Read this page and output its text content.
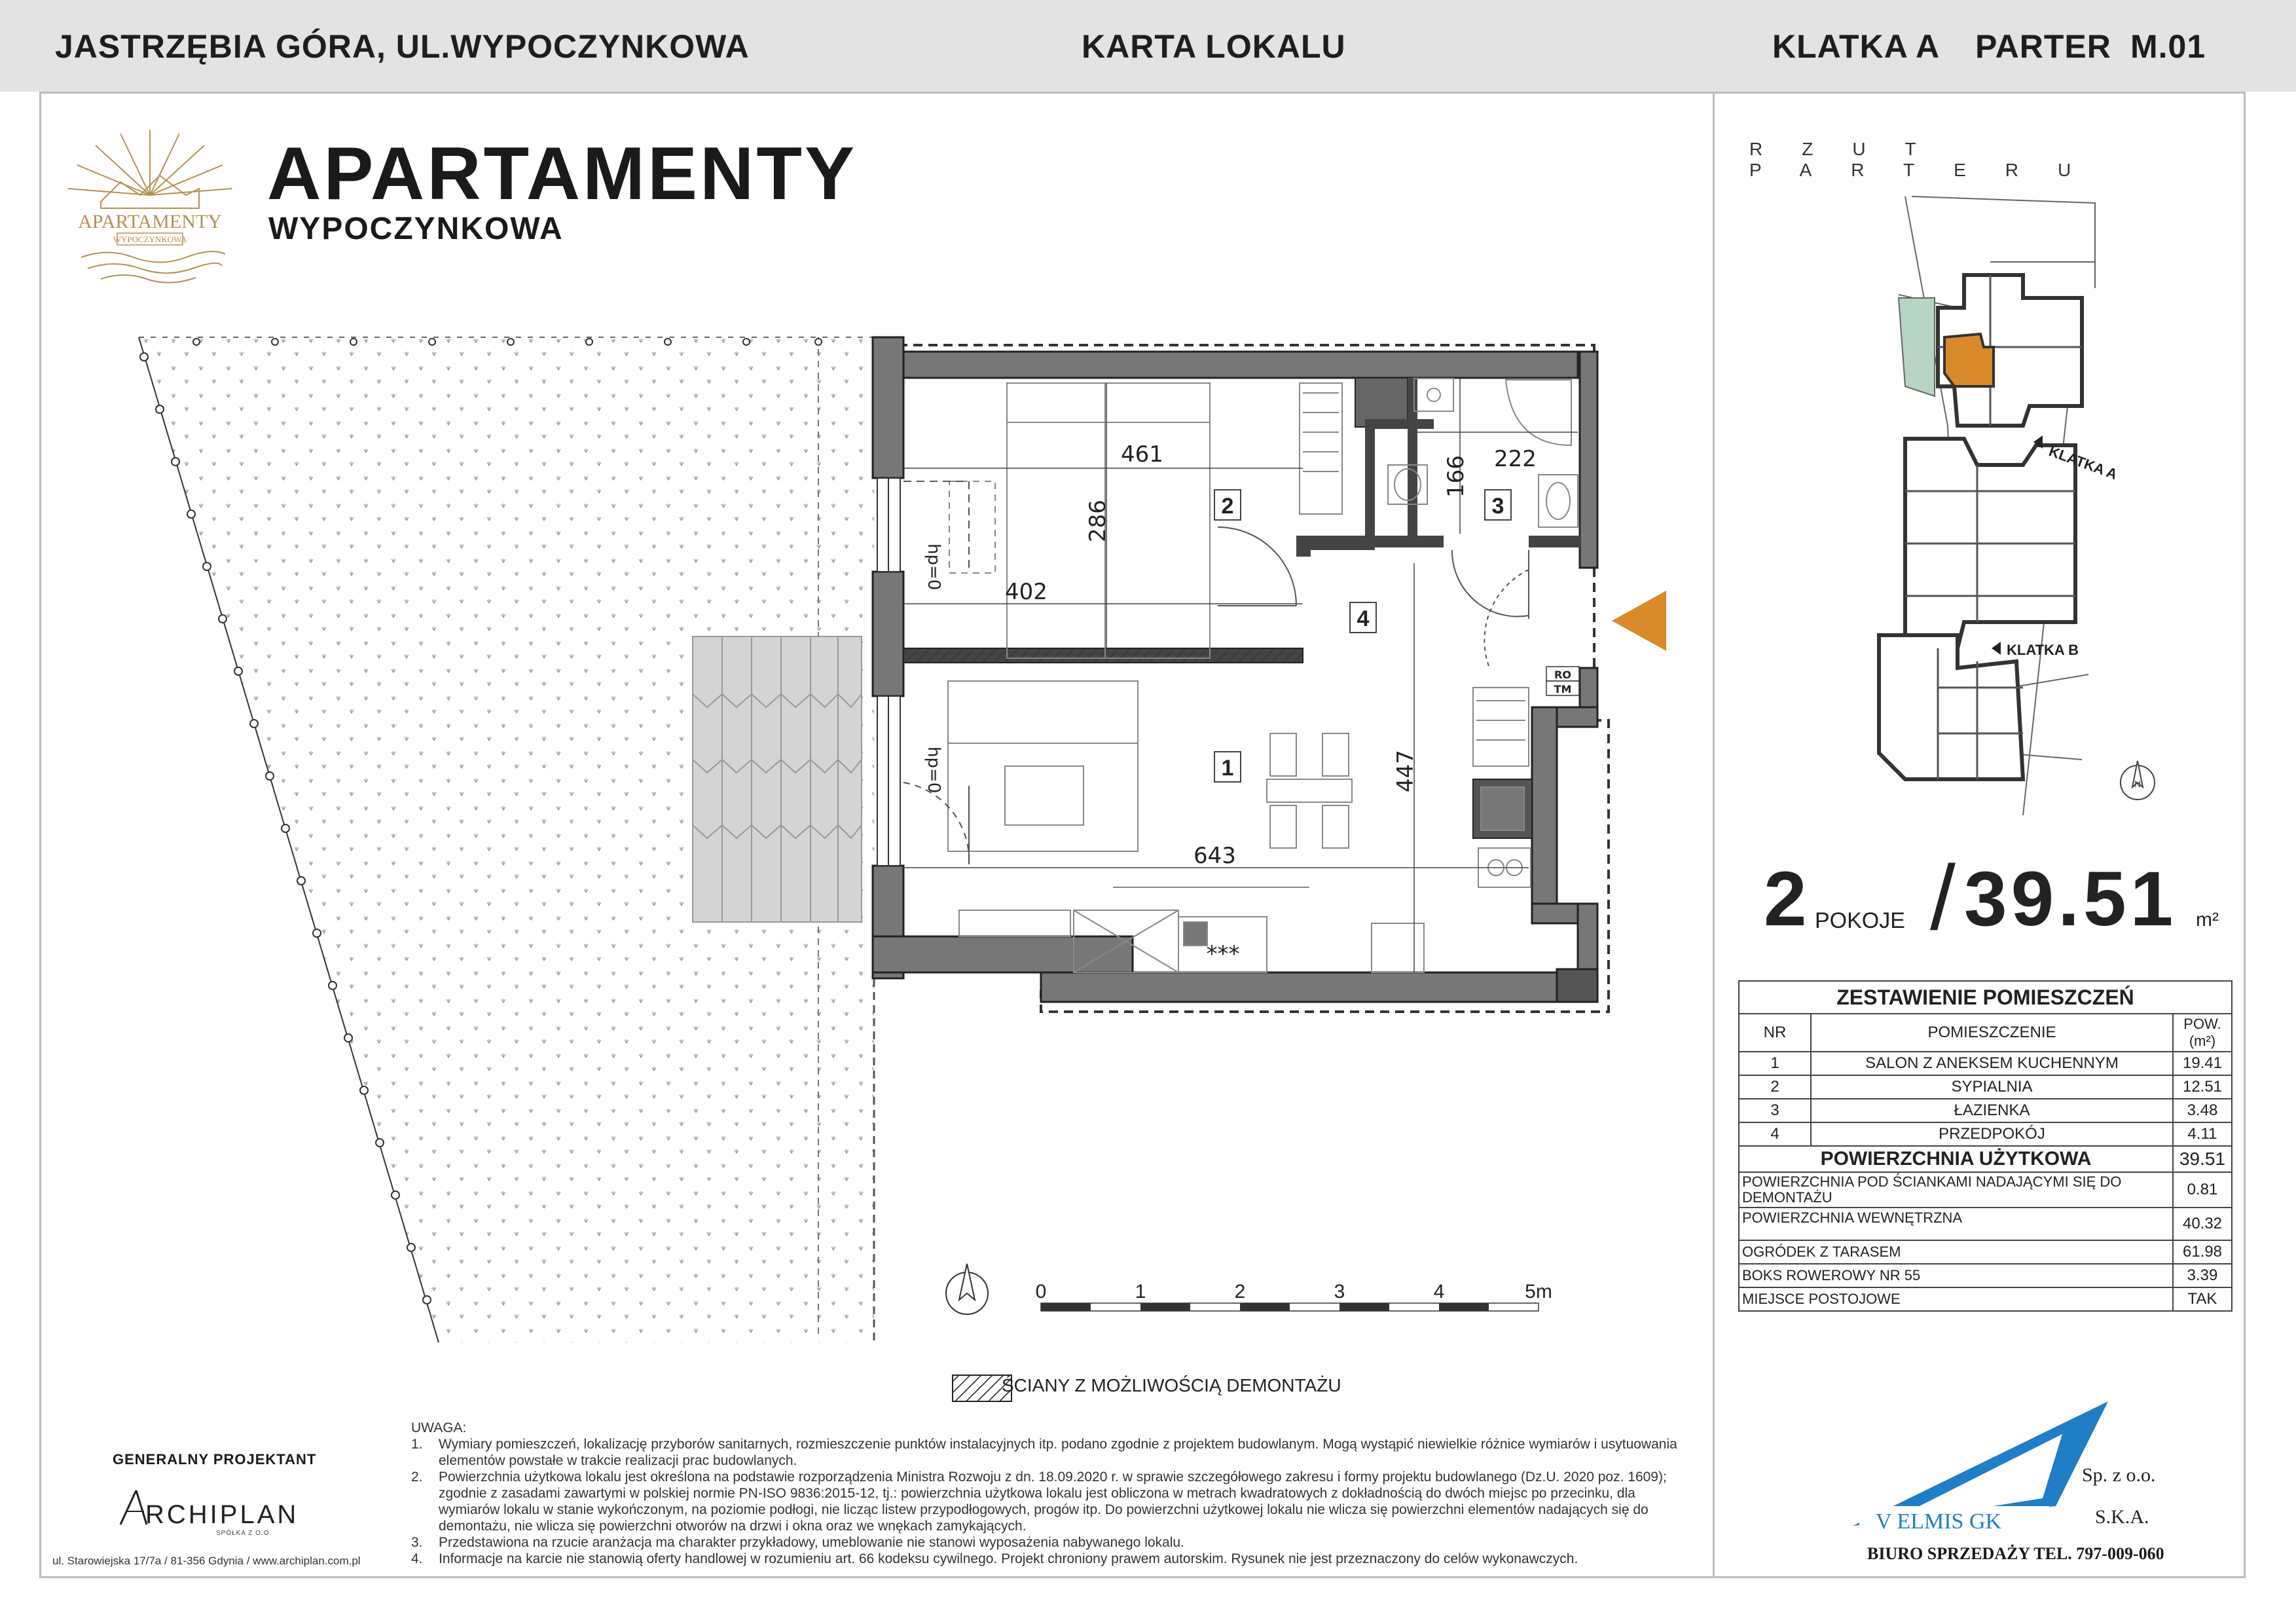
JASTRZĘBIA GÓRA, UL.WYPOCZYNKOWA	KARTA LOKALU	KLATKA A PARTER M.01
APARTAMENTY
WYPOCZYNKOWA
APARTAMENTY
WYPOCZYNKOWA
461
286
402
166 222
447
643
2
1
3
4
hp=0
hp=0
RO
TM
***
0	1	2	3	4	5m
ŚCIANY Z MOŻLIWOŚCIĄ DEMONTAŻU
RZUT PARTERU
KLATKA A
KLATKA B
N
2 POKOJE / 39.51 m²
ZESTAWIENIE POMIESZCZEŃ		
NR	POMIESZCZENIE	POW. (m²)
1	SALON Z ANEKSEM KUCHENNYM	19.41
2	SYPIALNIA	12.51
3	ŁAZIENKA	3.48
4	PRZEDPOKÓJ	4.11
POWIERZCHNIA UŻYTKOWA		39.51
POWIERZCHNIA POD ŚCIANKAMI NADAJĄCYMI SIĘ DO DEMONTAŻU		0.81
POWIERZCHNIA WEWNĘTRZNA		40.32
OGRÓDEK Z TARASEM		61.98
BOKS ROWEROWY NR 55		3.39
MIEJSCE POSTOJOWE		TAK

UWAGA:

1.	Wymiary pomieszczeń, lokalizację przyborów sanitarnych, rozmieszczenie punktów instalacyjnych itp. podano zgodnie z projektem budowlanym. Mogą wystąpić niewielkie różnice wymiarów i usytuowania elementów powstałe w trakcie realizacji prac budowlanych.
2.	Powierzchnia użytkowa lokalu jest określona na podstawie rozporządzenia Ministra Rozwoju z dn. 18.09.2020 r. w sprawie szczegółowego zakresu i formy projektu budowlanego (Dz.U. 2020 poz. 1609); zgodnie z zasadami zawartymi w polskiej normie PN-ISO 9836:2015-12, tj.: powierzchnia użytkowa lokalu jest obliczona w metrach kwadratowych z dokładnością do dwóch miejsc po przecinku, dla wymiarów lokalu w stanie wykończonym, na poziomie podłogi, nie licząc listew przypodłogowych, progów itp. Do powierzchni użytkowej lokalu nie wlicza się powierzchni elementów nadających się do demontażu, nie wlicza się powierzchni otworów na drzwi i okna oraz we wnękach zamykających.
3.	Przedstawiona na rzucie aranżacja ma charakter przykładowy, umeblowanie nie stanowi wyposażenia nabywanego lokalu.
4.	Informacje na karcie nie stanowią oferty handlowej w rozumieniu art. 66 kodeksu cywilnego. Projekt chroniony prawem autorskim. Rysunek nie jest przeznaczony do celów wykonawczych.
GENERALNY PROJEKTANT
RCHIPLAN
SPÓŁKA Z O.O.
ul. Starowiejska 17/7a / 81-356 Gdynia / www.archiplan.com.pl
V ELMIS GK
Sp. z o.o.
S.K.A.
BIURO SPRZEDAŻY TEL. 797-009-060
